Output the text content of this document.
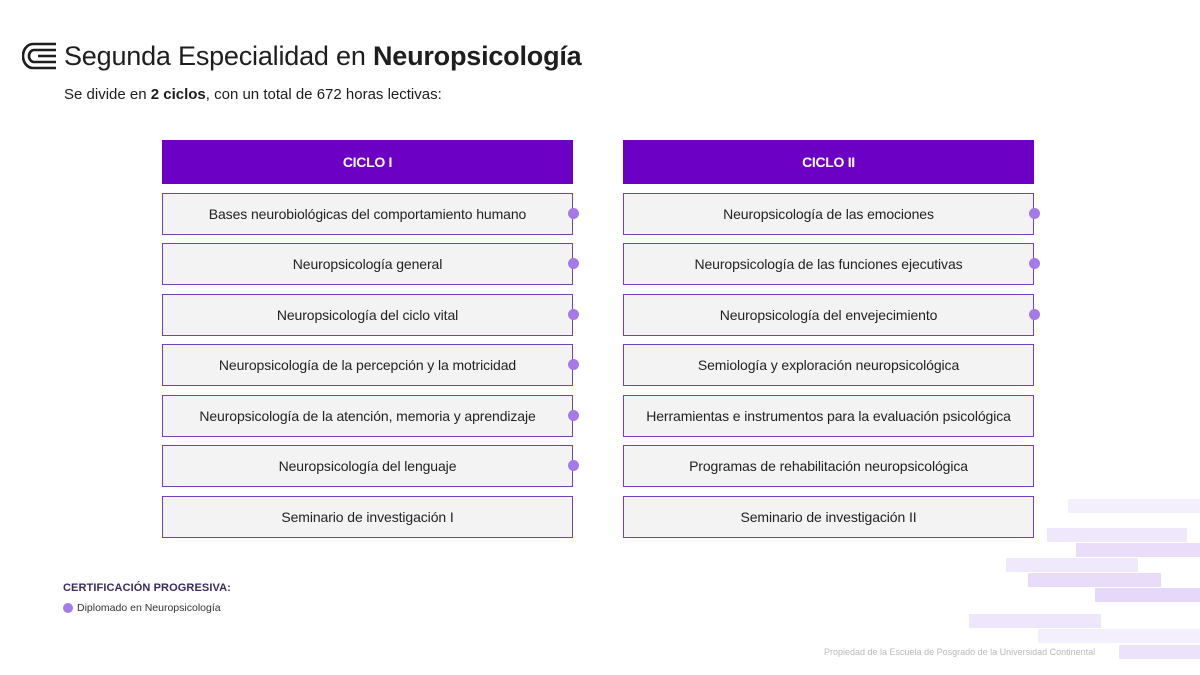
Segunda Especialidad en Neuropsicología
Se divide en 2 ciclos, con un total de 672 horas lectivas:
CICLO I
Bases neurobiológicas del comportamiento humano
Neuropsicología general
Neuropsicología del ciclo vital
Neuropsicología de la percepción y la motricidad
Neuropsicología de la atención, memoria y aprendizaje
Neuropsicología del lenguaje
Seminario de investigación I
CICLO II
Neuropsicología de las emociones
Neuropsicología de las funciones ejecutivas
Neuropsicología del envejecimiento
Semiología y exploración neuropsicológica
Herramientas e instrumentos para la evaluación psicológica
Programas de rehabilitación neuropsicológica
Seminario de investigación II
CERTIFICACIÓN PROGRESIVA:
Diplomado en Neuropsicología
Propiedad de la Escuela de Posgrado de la Universidad Continental
